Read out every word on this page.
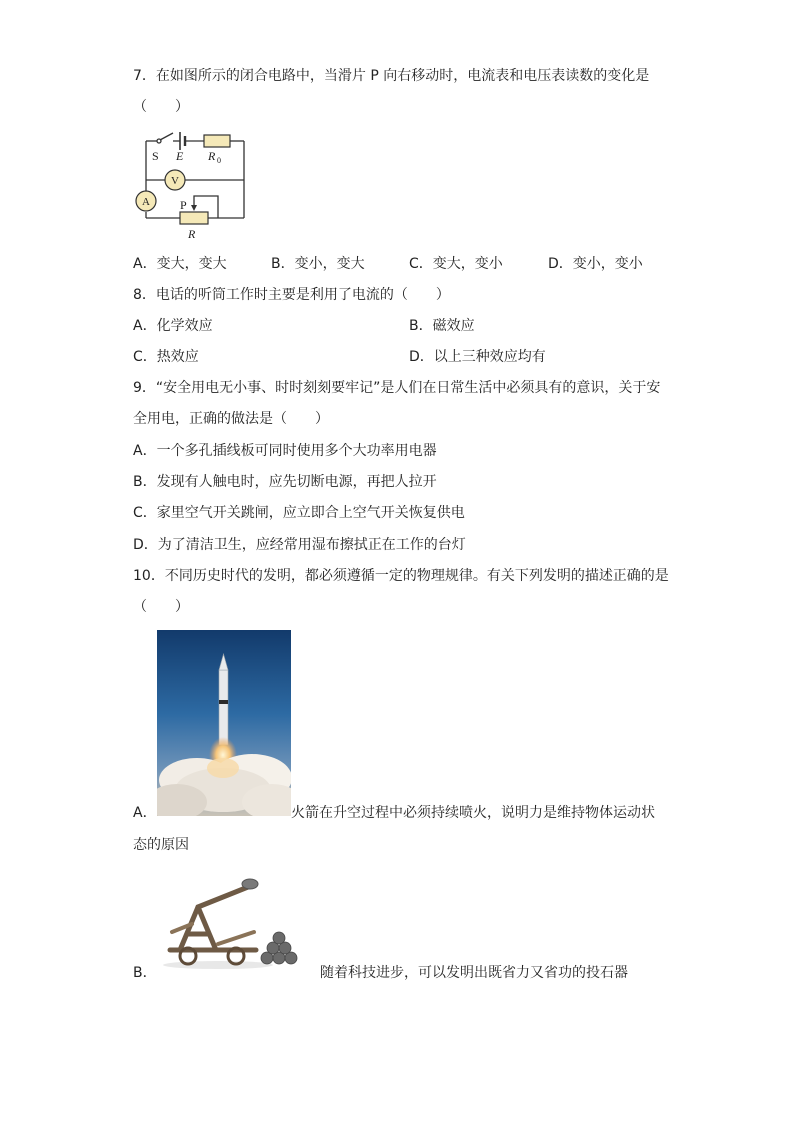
7．在如图所示的闭合电路中，当滑片 P 向右移动时，电流表和电压表读数的变化是
（　　）
S E R 0
V
A	P
R
A．变大，变大	B．变小，变大	C．变大，变小	D．变小，变小
8．电话的听筒工作时主要是利用了电流的（　　）
A．化学效应	B．磁效应
C．热效应	D．以上三种效应均有
9．“安全用电无小事、时时刻刻要牢记”是人们在日常生活中必须具有的意识，关于安
全用电，正确的做法是（　　）
A．一个多孔插线板可同时使用多个大功率用电器
B．发现有人触电时，应先切断电源，再把人拉开
C．家里空气开关跳闸，应立即合上空气开关恢复供电
D．为了清洁卫生，应经常用湿布擦拭正在工作的台灯
10．不同历史时代的发明，都必须遵循一定的物理规律。有关下列发明的描述正确的是
（　　）
A．	火箭在升空过程中必须持续喷火，说明力是维持物体运动状
态的原因
B．	随着科技进步，可以发明出既省力又省功的投石器
